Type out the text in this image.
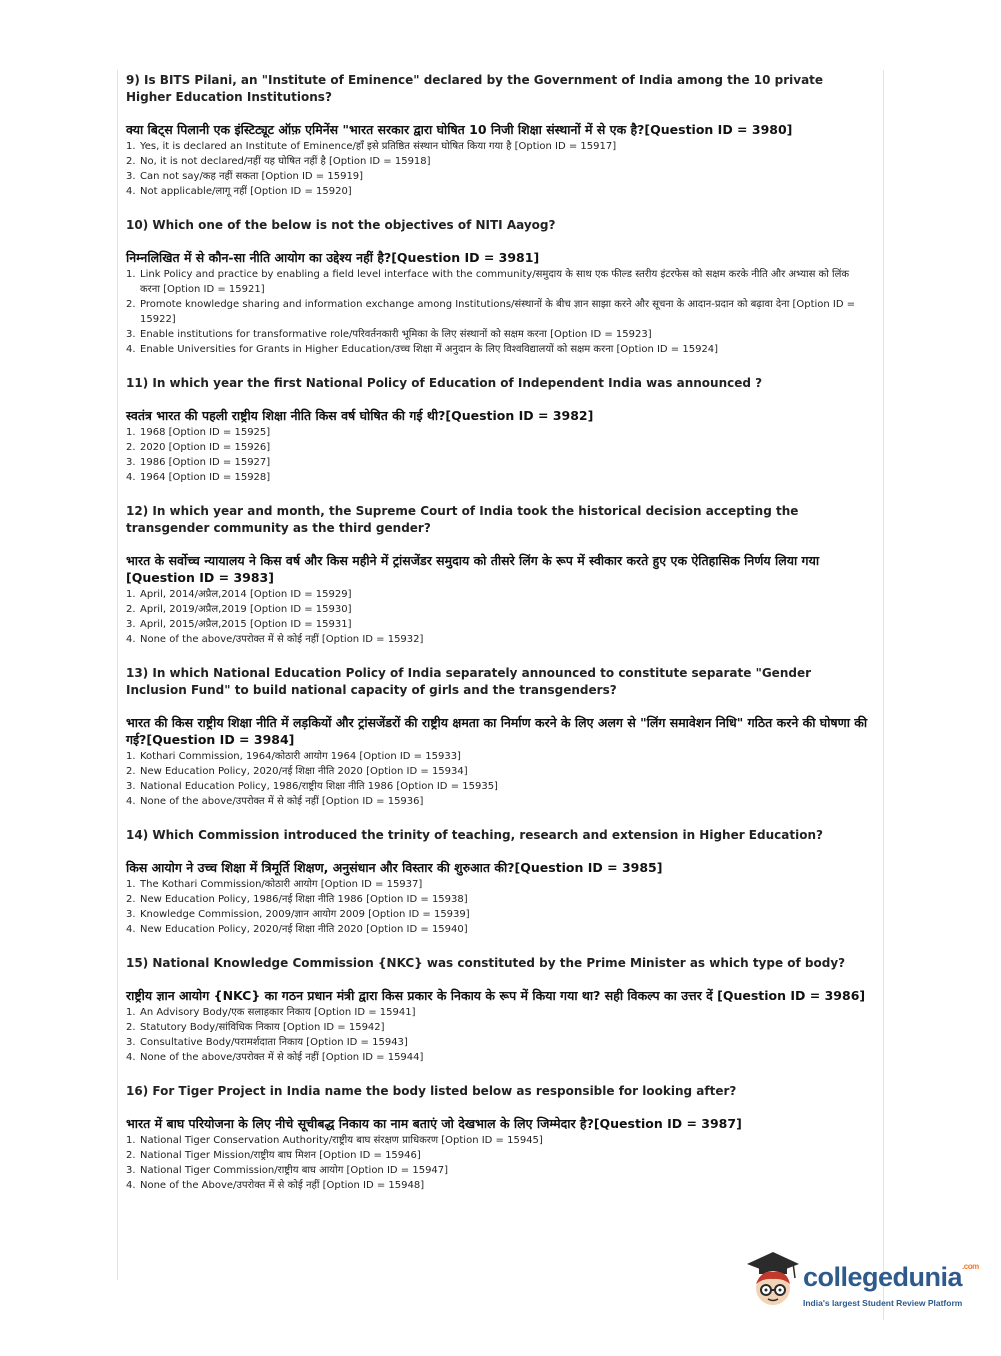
9) Is BITS Pilani, an "Institute of Eminence" declared by the Government of India among the 10 private Higher Education Institutions?

क्या बिट्स पिलानी एक इंस्टिट्यूट ऑफ़ एमिनेंस "भारत सरकार द्वारा घोषित 10 निजी शिक्षा संस्थानों में से एक है?[Question ID = 3980]

1. Yes, it is declared an Institute of Eminence/हाँ इसे प्रतिष्ठित संस्थान घोषित किया गया है [Option ID = 15917]
2. No, it is not declared/नहीं यह घोषित नहीं है [Option ID = 15918]
3. Can not say/कह नहीं सकता [Option ID = 15919]
4. Not applicable/लागू नहीं [Option ID = 15920]

10) Which one of the below is not the objectives of NITI Aayog?

निम्नलिखित में से कौन-सा नीति आयोग का उद्देश्य नहीं है?[Question ID = 3981]

1. Link Policy and practice by enabling a field level interface with the community/समुदाय के साथ एक फील्ड स्तरीय इंटरफेस को सक्षम करके नीति और अभ्यास को लिंक करना [Option ID = 15921]
2. Promote knowledge sharing and information exchange among Institutions/संस्थानों के बीच ज्ञान साझा करने और सूचना के आदान-प्रदान को बढ़ावा देना [Option ID = 15922]
3. Enable institutions for transformative role/परिवर्तनकारी भूमिका के लिए संस्थानों को सक्षम करना [Option ID = 15923]
4. Enable Universities for Grants in Higher Education/उच्च शिक्षा में अनुदान के लिए विश्वविद्यालयों को सक्षम करना [Option ID = 15924]

11) In which year the first National Policy of Education of Independent India was announced ?

स्वतंत्र भारत की पहली राष्ट्रीय शिक्षा नीति किस वर्ष घोषित की गई थी?[Question ID = 3982]

1. 1968 [Option ID = 15925]
2. 2020 [Option ID = 15926]
3. 1986 [Option ID = 15927]
4. 1964 [Option ID = 15928]

12) In which year and month, the Supreme Court of India took the historical decision accepting the transgender community as the third gender?

भारत के सर्वोच्च न्यायालय ने किस वर्ष और किस महीने में ट्रांसजेंडर समुदाय को तीसरे लिंग के रूप में स्वीकार करते हुए एक ऐतिहासिक निर्णय लिया गया [Question ID = 3983]

1. April, 2014/अप्रैल,2014 [Option ID = 15929]
2. April, 2019/अप्रैल,2019 [Option ID = 15930]
3. April, 2015/अप्रैल,2015 [Option ID = 15931]
4. None of the above/उपरोक्त में से कोई नहीं [Option ID = 15932]

13) In which National Education Policy of India separately announced to constitute separate "Gender Inclusion Fund" to build national capacity of girls and the transgenders?

भारत की किस राष्ट्रीय शिक्षा नीति में लड़कियों और ट्रांसजेंडरों की राष्ट्रीय क्षमता का निर्माण करने के लिए अलग से "लिंग समावेशन निधि" गठित करने की घोषणा की गई?[Question ID = 3984]

1. Kothari Commission, 1964/कोठारी आयोग 1964 [Option ID = 15933]
2. New Education Policy, 2020/नई शिक्षा नीति 2020 [Option ID = 15934]
3. National Education Policy, 1986/राष्ट्रीय शिक्षा नीति 1986 [Option ID = 15935]
4. None of the above/उपरोक्त में से कोई नहीं [Option ID = 15936]

14) Which Commission introduced the trinity of teaching, research and extension in Higher Education?

किस आयोग ने उच्च शिक्षा में त्रिमूर्ति शिक्षण, अनुसंधान और विस्तार की शुरुआत की?[Question ID = 3985]

1. The Kothari Commission/कोठारी आयोग [Option ID = 15937]
2. New Education Policy, 1986/नई शिक्षा नीति 1986 [Option ID = 15938]
3. Knowledge Commission, 2009/ज्ञान आयोग 2009 [Option ID = 15939]
4. New Education Policy, 2020/नई शिक्षा नीति 2020 [Option ID = 15940]

15) National Knowledge Commission {NKC} was constituted by the Prime Minister as which type of body?

राष्ट्रीय ज्ञान आयोग {NKC} का गठन प्रधान मंत्री द्वारा किस प्रकार के निकाय के रूप में किया गया था? सही विकल्प का उत्तर दें [Question ID = 3986]

1. An Advisory Body/एक सलाहकार निकाय [Option ID = 15941]
2. Statutory Body/सांविधिक निकाय [Option ID = 15942]
3. Consultative Body/परामर्शदाता निकाय [Option ID = 15943]
4. None of the above/उपरोक्त में से कोई नहीं [Option ID = 15944]

16) For Tiger Project in India name the body listed below as responsible for looking after?

भारत में बाघ परियोजना के लिए नीचे सूचीबद्ध निकाय का नाम बताएं जो देखभाल के लिए जिम्मेदार है?[Question ID = 3987]

1. National Tiger Conservation Authority/राष्ट्रीय बाघ संरक्षण प्राधिकरण [Option ID = 15945]
2. National Tiger Mission/राष्ट्रीय बाघ मिशन [Option ID = 15946]
3. National Tiger Commission/राष्ट्रीय बाघ आयोग [Option ID = 15947]
4. None of the Above/उपरोक्त में से कोई नहीं [Option ID = 15948]
collegedunia$^{.com}$
India's largest Student Review Platform
